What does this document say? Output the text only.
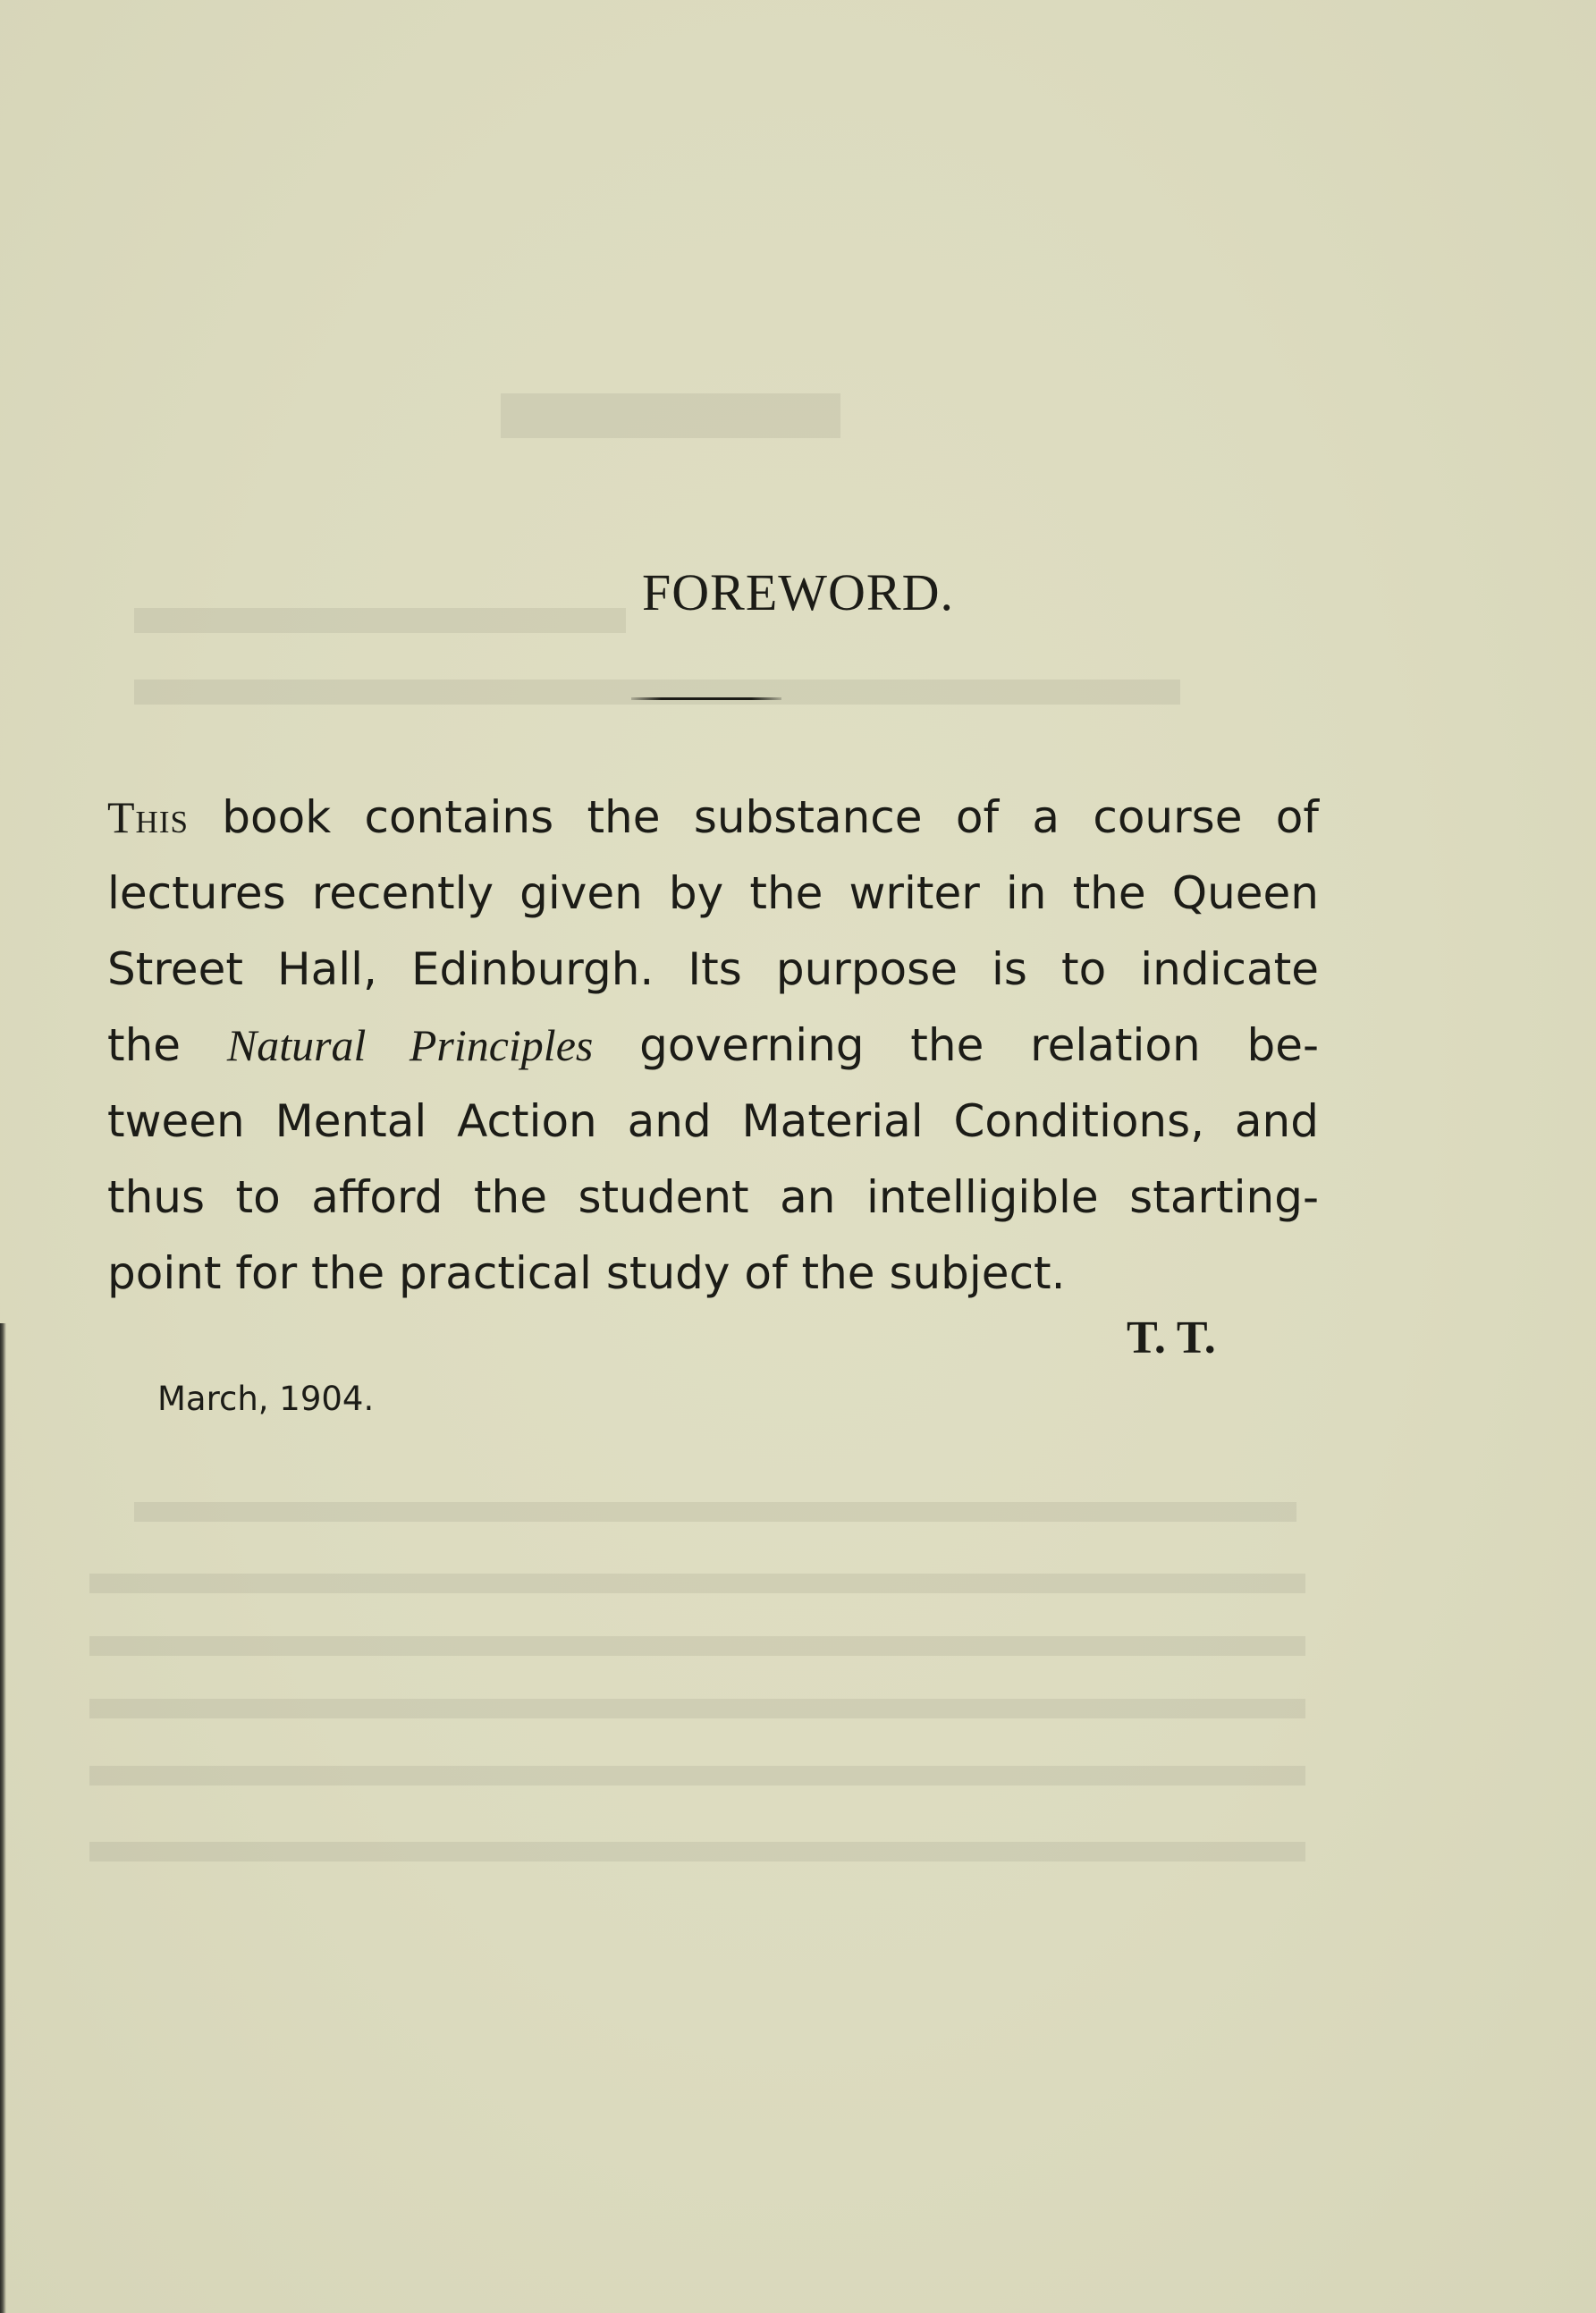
FOREWORD.
This book contains the substance of a course of
lectures recently given by the writer in the Queen
Street Hall, Edinburgh. Its purpose is to indicate
the Natural Principles governing the relation be-
tween Mental Action and Material Conditions, and
thus to afford the student an intelligible starting-
point for the practical study of the subject.
T. T.
March, 1904.
